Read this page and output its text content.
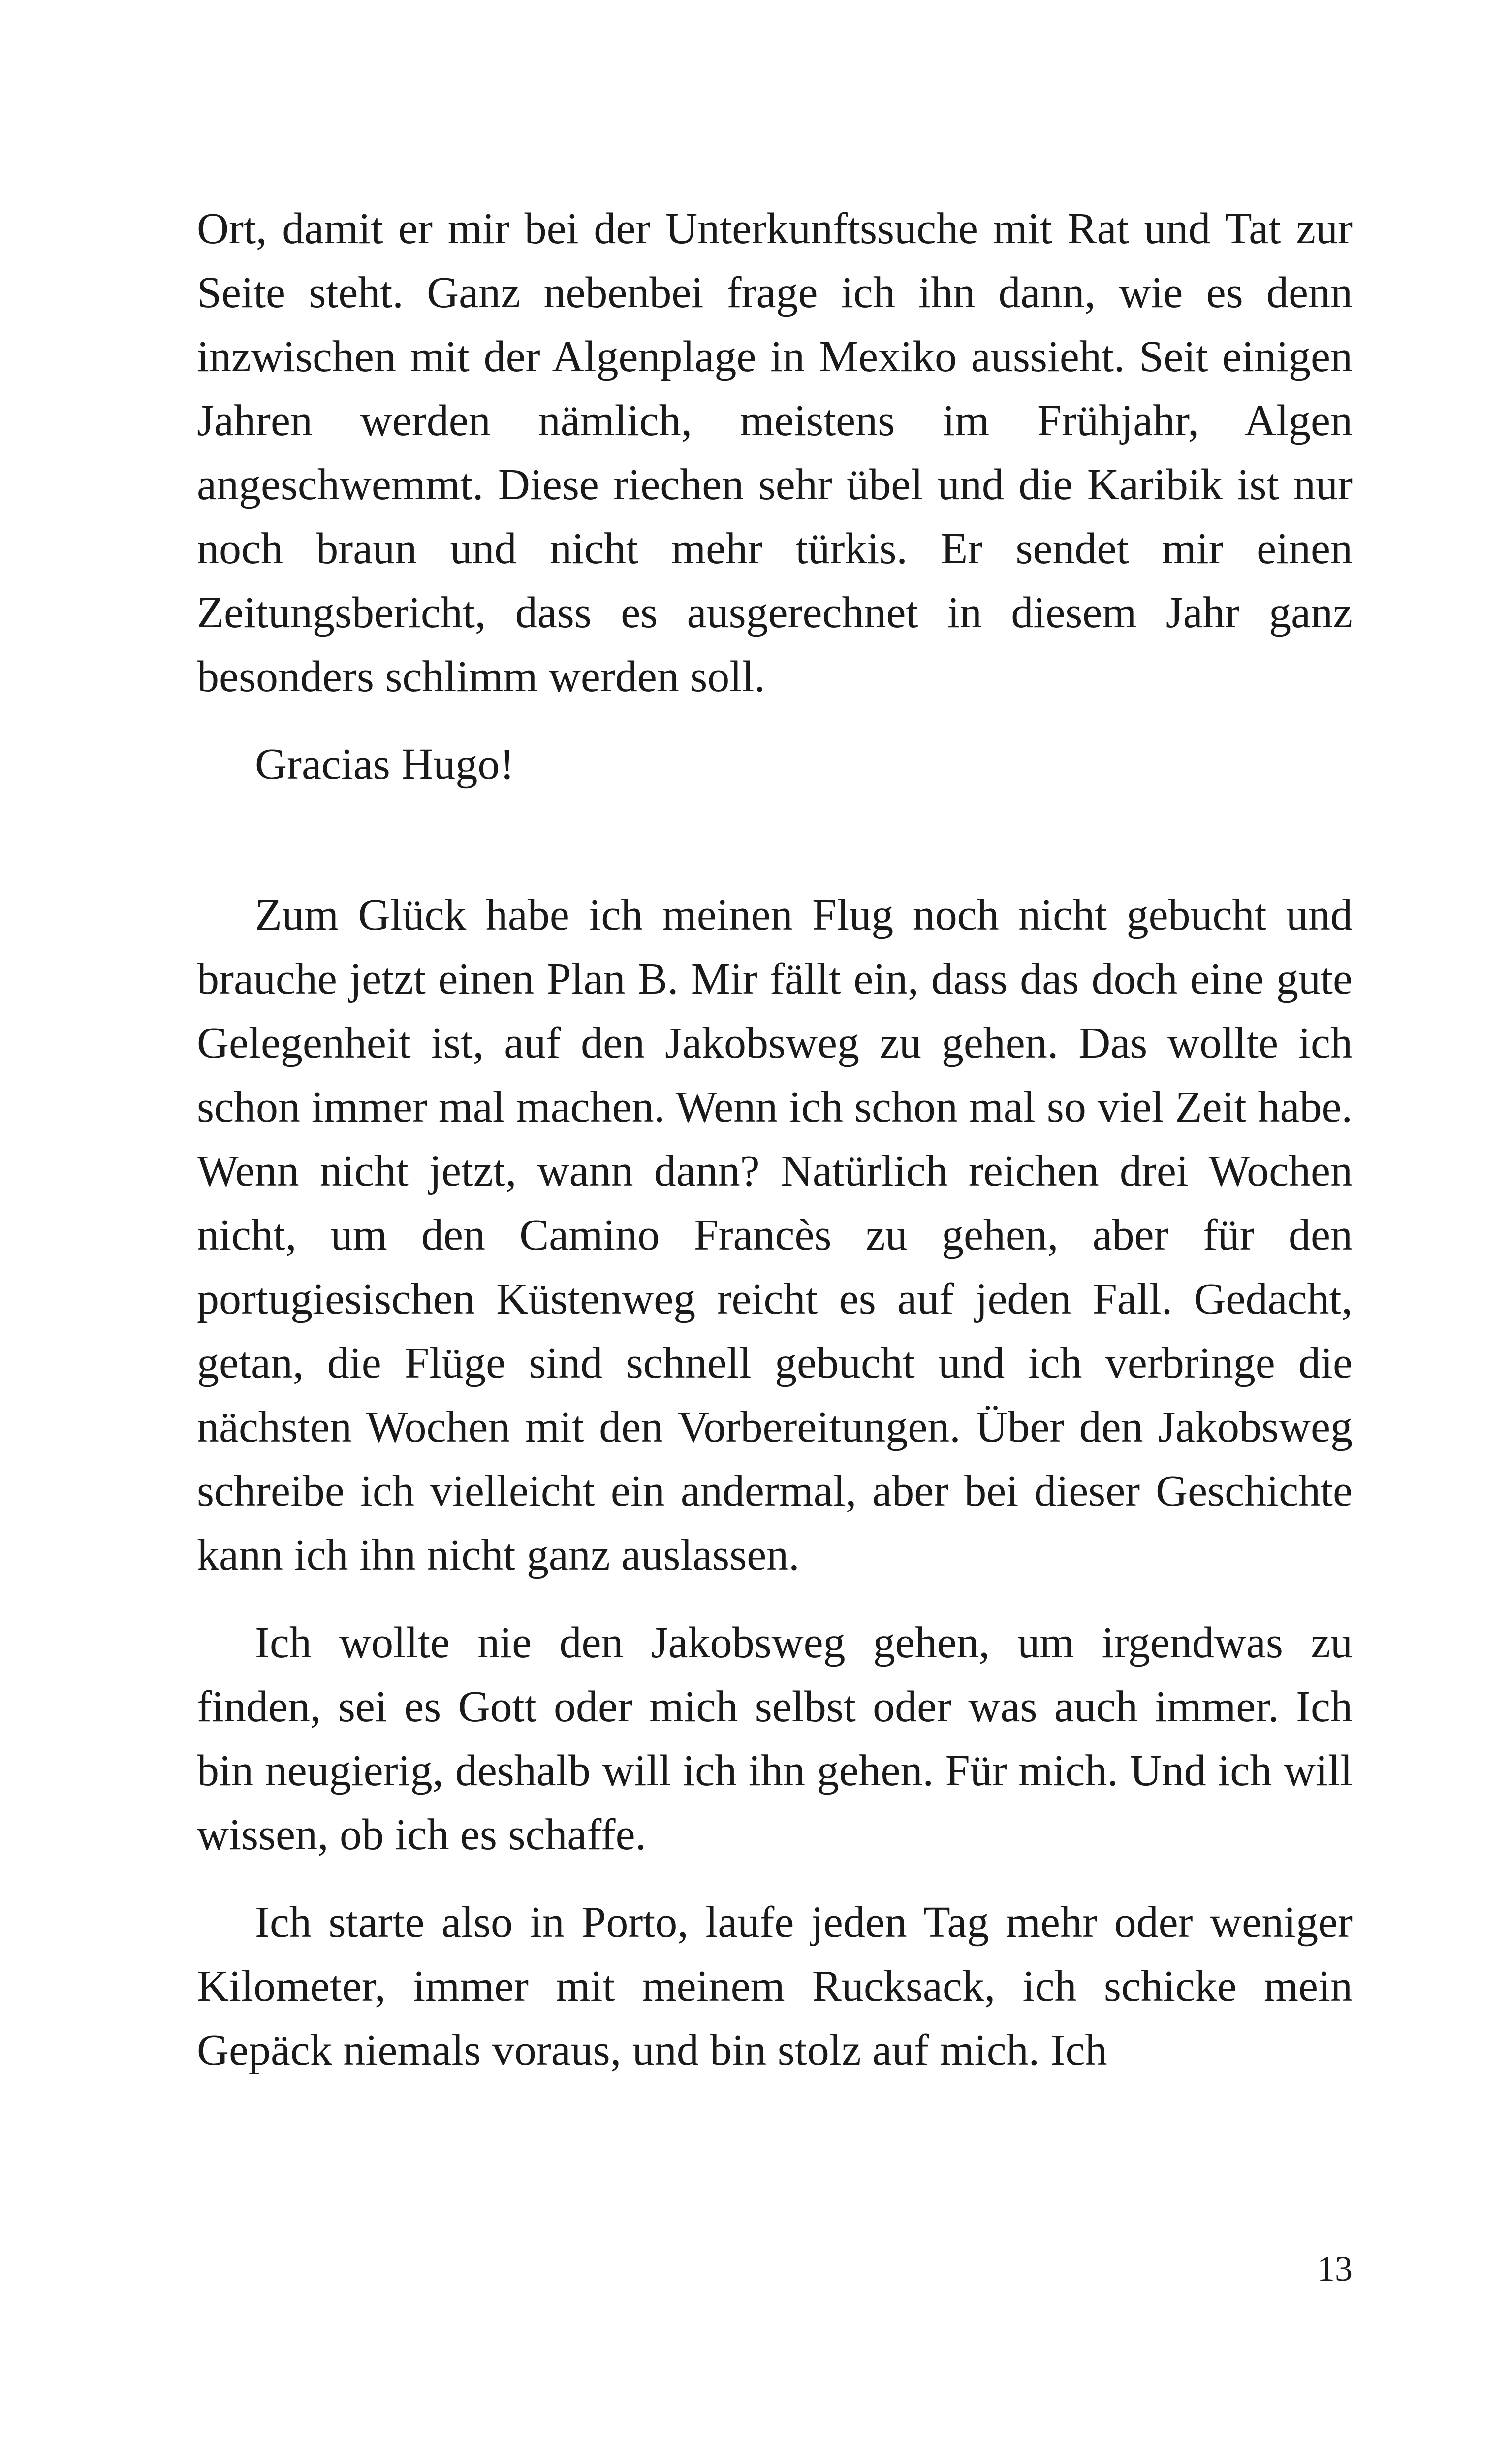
Ort, damit er mir bei der Unterkunftssuche mit Rat und Tat zur Seite steht. Ganz nebenbei frage ich ihn dann, wie es denn inzwischen mit der Algenplage in Mexiko aussieht. Seit einigen Jahren werden nämlich, meistens im Frühjahr, Algen angeschwemmt. Diese riechen sehr übel und die Karibik ist nur noch braun und nicht mehr türkis. Er sendet mir einen Zeitungsbericht, dass es ausgerechnet in diesem Jahr ganz besonders schlimm werden soll.

Gracias Hugo!

Zum Glück habe ich meinen Flug noch nicht gebucht und brauche jetzt einen Plan B. Mir fällt ein, dass das doch eine gute Gelegenheit ist, auf den Jakobsweg zu gehen. Das wollte ich schon immer mal machen. Wenn ich schon mal so viel Zeit habe. Wenn nicht jetzt, wann dann? Natürlich reichen drei Wochen nicht, um den Camino Francès zu gehen, aber für den portugiesischen Küstenweg reicht es auf jeden Fall. Gedacht, getan, die Flüge sind schnell gebucht und ich verbringe die nächsten Wochen mit den Vorbereitungen. Über den Jakobsweg schreibe ich vielleicht ein andermal, aber bei dieser Geschichte kann ich ihn nicht ganz auslassen.

Ich wollte nie den Jakobsweg gehen, um irgendwas zu finden, sei es Gott oder mich selbst oder was auch immer. Ich bin neugierig, deshalb will ich ihn gehen. Für mich. Und ich will wissen, ob ich es schaffe.

Ich starte also in Porto, laufe jeden Tag mehr oder weniger Kilometer, immer mit meinem Rucksack, ich schicke mein Gepäck niemals voraus, und bin stolz auf mich. Ich

13
